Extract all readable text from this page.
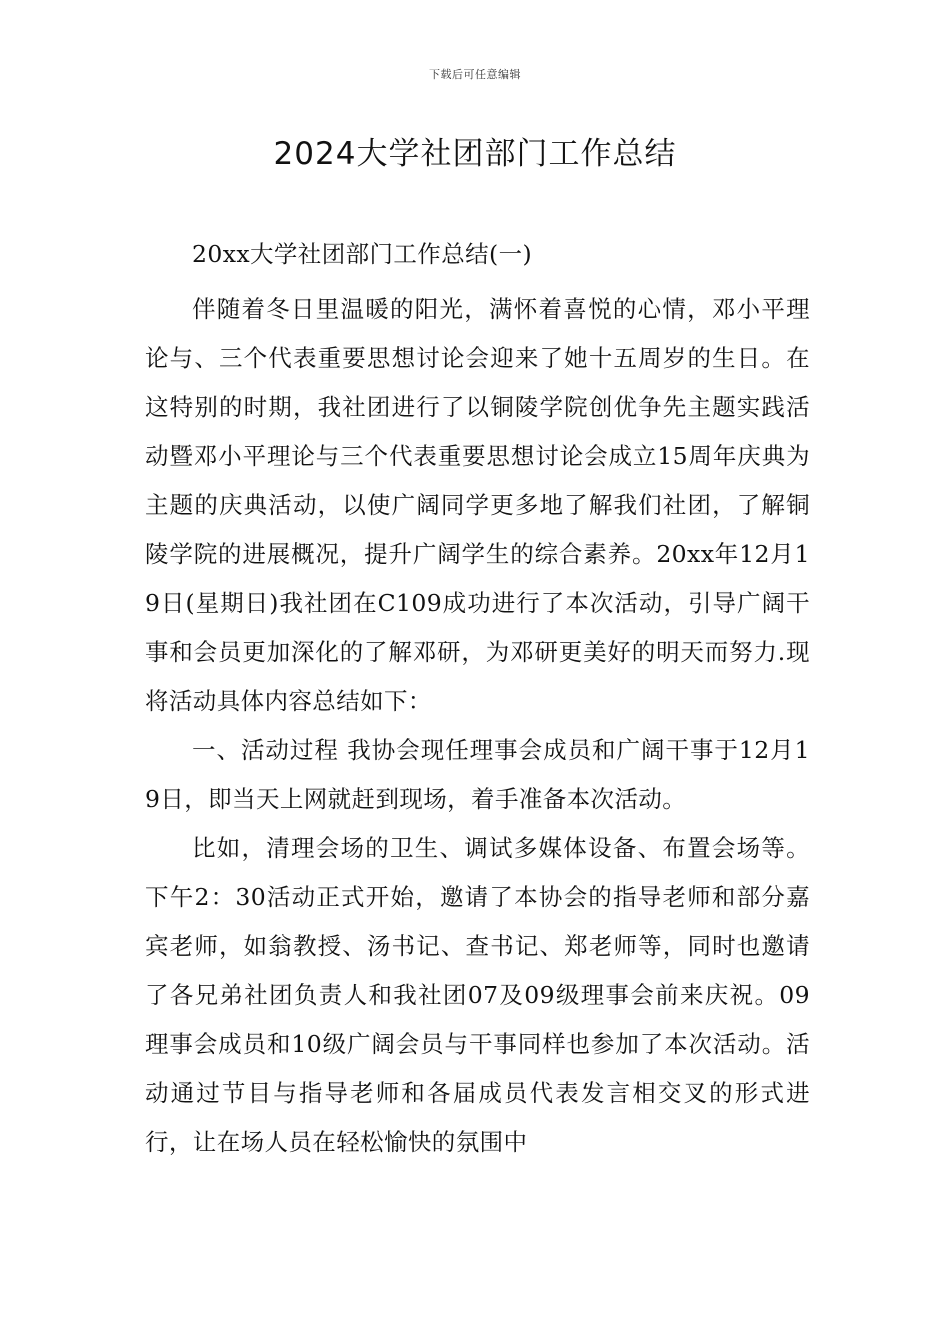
下载后可任意编辑
2024大学社团部门工作总结

20xx大学社团部门工作总结(一)

伴随着冬日里温暖的阳光，满怀着喜悦的心情，邓小平理论与、三个代表重要思想讨论会迎来了她十五周岁的生日。在这特别的时期，我社团进行了以铜陵学院创优争先主题实践活动暨邓小平理论与三个代表重要思想讨论会成立15周年庆典为主题的庆典活动，以使广阔同学更多地了解我们社团，了解铜陵学院的进展概况，提升广阔学生的综合素养。20xx年12月19日(星期日)我社团在C109成功进行了本次活动，引导广阔干事和会员更加深化的了解邓研，为邓研更美好的明天而努力.现将活动具体内容总结如下：

一、活动过程 我协会现任理事会成员和广阔干事于12月19日，即当天上网就赶到现场，着手准备本次活动。

比如，清理会场的卫生、调试多媒体设备、布置会场等。下午2：30活动正式开始，邀请了本协会的指导老师和部分嘉宾老师，如翁教授、汤书记、查书记、郑老师等，同时也邀请了各兄弟社团负责人和我社团07及09级理事会前来庆祝。09理事会成员和10级广阔会员与干事同样也参加了本次活动。活动通过节目与指导老师和各届成员代表发言相交叉的形式进行，让在场人员在轻松愉快的氛围中
